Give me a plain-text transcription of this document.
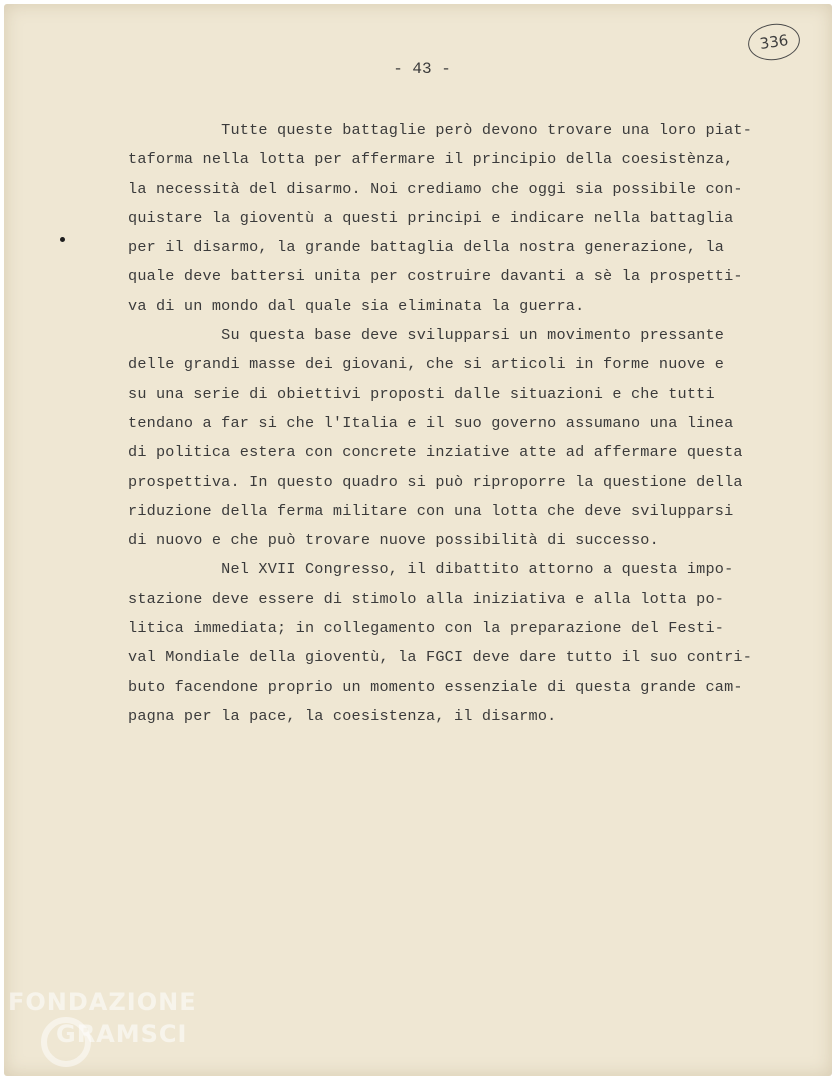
336
- 43 -
Tutte queste battaglie però devono trovare una loro piat-
taforma nella lotta per affermare il principio della coesistènza,
la necessità del disarmo. Noi crediamo che oggi sia possibile con-
quistare la gioventù a questi principi e indicare nella battaglia
per il disarmo, la grande battaglia della nostra generazione, la
quale deve battersi unita per costruire davanti a sè la prospetti-
va di un mondo dal quale sia eliminata la guerra.
Su questa base deve svilupparsi un movimento pressante
delle grandi masse dei giovani, che si articoli in forme nuove e
su una serie di obiettivi proposti dalle situazioni e che tutti
tendano a far si che l'Italia e il suo governo assumano una linea
di politica estera con concrete inziative atte ad affermare questa
prospettiva. In questo quadro si può riproporre la questione della
riduzione della ferma militare con una lotta che deve svilupparsi
di nuovo e che può trovare nuove possibilità di successo.
Nel XVII Congresso, il dibattito attorno a questa impo-
stazione deve essere di stimolo alla iniziativa e alla lotta po-
litica immediata; in collegamento con la preparazione del Festi-
val Mondiale della gioventù, la FGCI deve dare tutto il suo contri-
buto facendone proprio un momento essenziale di questa grande cam-
pagna per la pace, la coesistenza, il disarmo.
FONDAZIONE
GRAMSCI
